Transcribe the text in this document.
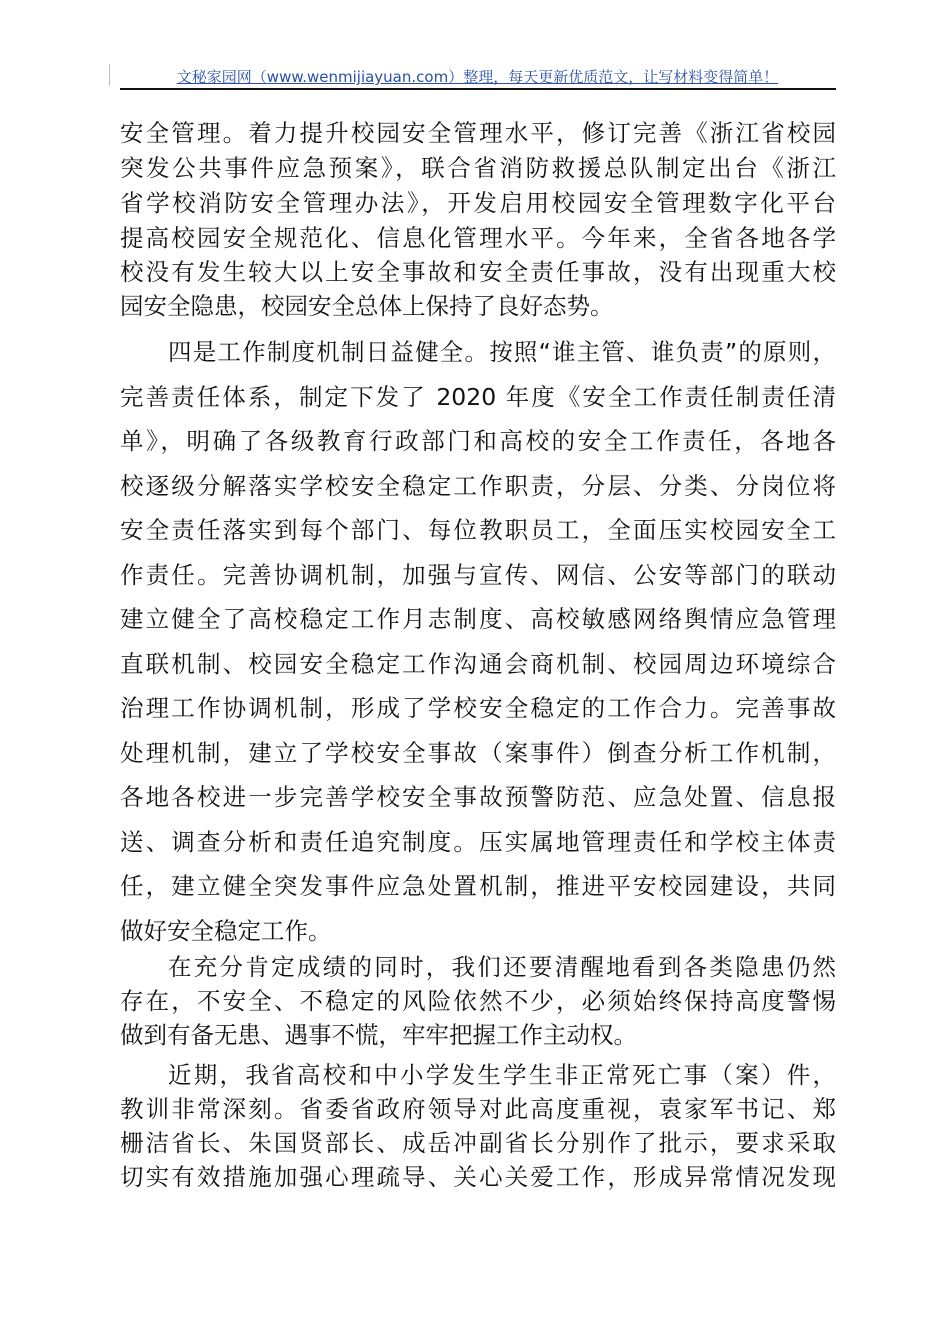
文秘家园网（www.wenmijiayuan.com）整理，每天更新优质范文，让写材料变得简单！
安全管理。着力提升校园安全管理水平，修订完善《浙江省校园
突发公共事件应急预案》，联合省消防救援总队制定出台《浙江
省学校消防安全管理办法》，开发启用校园安全管理数字化平台
提高校园安全规范化、信息化管理水平。今年来，全省各地各学
校没有发生较大以上安全事故和安全责任事故，没有出现重大校
园安全隐患，校园安全总体上保持了良好态势。
四是工作制度机制日益健全。按照“谁主管、谁负责”的原则，
完善责任体系，制定下发了 2020 年度《安全工作责任制责任清
单》，明确了各级教育行政部门和高校的安全工作责任，各地各
校逐级分解落实学校安全稳定工作职责，分层、分类、分岗位将
安全责任落实到每个部门、每位教职员工，全面压实校园安全工
作责任。完善协调机制，加强与宣传、网信、公安等部门的联动
建立健全了高校稳定工作月志制度、高校敏感网络舆情应急管理
直联机制、校园安全稳定工作沟通会商机制、校园周边环境综合
治理工作协调机制，形成了学校安全稳定的工作合力。完善事故
处理机制，建立了学校安全事故（案事件）倒查分析工作机制，
各地各校进一步完善学校安全事故预警防范、应急处置、信息报
送、调查分析和责任追究制度。压实属地管理责任和学校主体责
任，建立健全突发事件应急处置机制，推进平安校园建设，共同
做好安全稳定工作。
在充分肯定成绩的同时，我们还要清醒地看到各类隐患仍然
存在，不安全、不稳定的风险依然不少，必须始终保持高度警惕
做到有备无患、遇事不慌，牢牢把握工作主动权。
近期，我省高校和中小学发生学生非正常死亡事（案）件，
教训非常深刻。省委省政府领导对此高度重视，袁家军书记、郑
栅洁省长、朱国贤部长、成岳冲副省长分别作了批示，要求采取
切实有效措施加强心理疏导、关心关爱工作，形成异常情况发现
